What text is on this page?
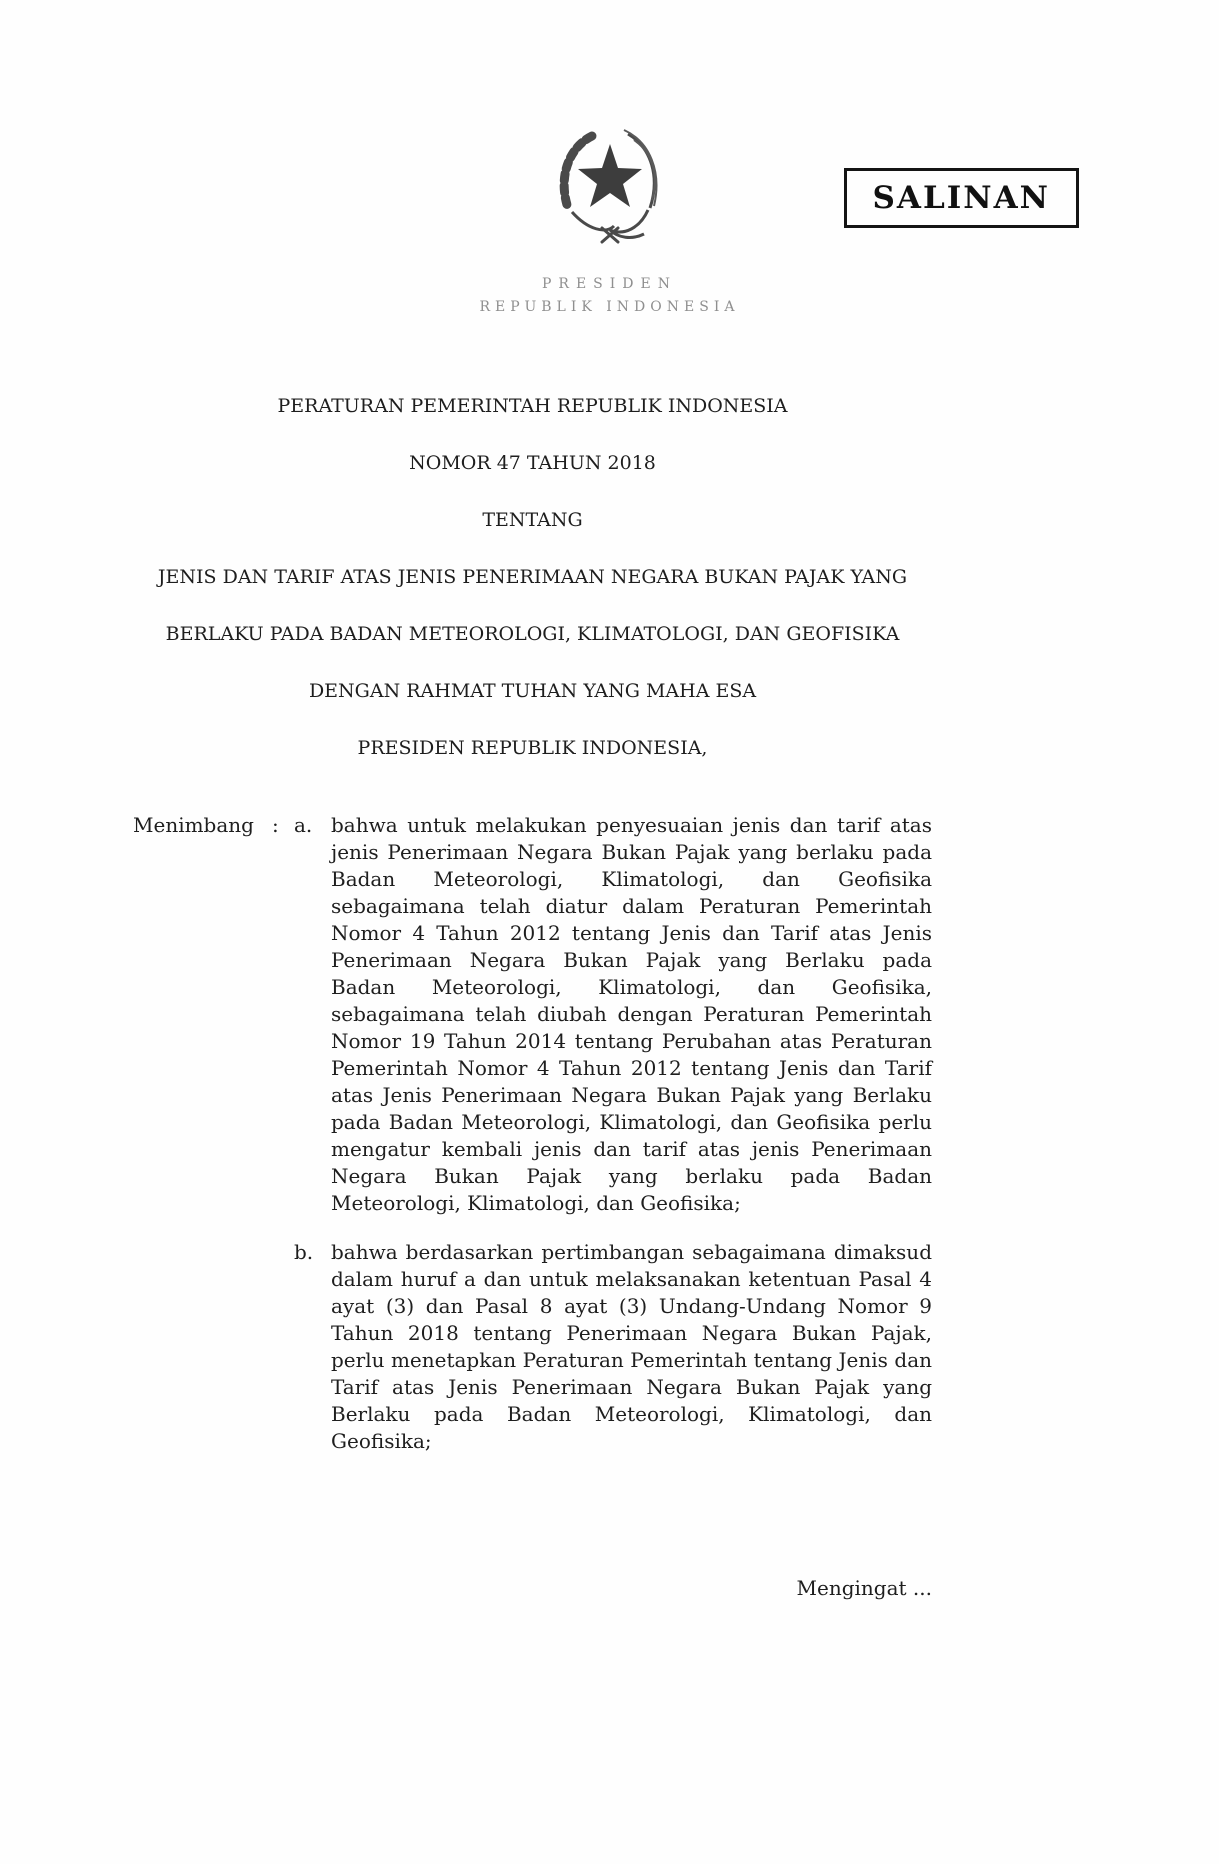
SALINAN
PRESIDEN
REPUBLIK INDONESIA
PERATURAN PEMERINTAH REPUBLIK INDONESIA
NOMOR 47 TAHUN 2018
TENTANG
JENIS DAN TARIF ATAS JENIS PENERIMAAN NEGARA BUKAN PAJAK YANG
BERLAKU PADA BADAN METEOROLOGI, KLIMATOLOGI, DAN GEOFISIKA
DENGAN RAHMAT TUHAN YANG MAHA ESA
PRESIDEN REPUBLIK INDONESIA,
Menimbang : a. bahwa untuk melakukan penyesuaian jenis dan tarif atas jenis Penerimaan Negara Bukan Pajak yang berlaku pada Badan Meteorologi, Klimatologi, dan Geofisika sebagaimana telah diatur dalam Peraturan Pemerintah Nomor 4 Tahun 2012 tentang Jenis dan Tarif atas Jenis Penerimaan Negara Bukan Pajak yang Berlaku pada Badan Meteorologi, Klimatologi, dan Geofisika, sebagaimana telah diubah dengan Peraturan Pemerintah Nomor 19 Tahun 2014 tentang Perubahan atas Peraturan Pemerintah Nomor 4 Tahun 2012 tentang Jenis dan Tarif atas Jenis Penerimaan Negara Bukan Pajak yang Berlaku pada Badan Meteorologi, Klimatologi, dan Geofisika perlu mengatur kembali jenis dan tarif atas jenis Penerimaan Negara Bukan Pajak yang berlaku pada Badan Meteorologi, Klimatologi, dan Geofisika;
b. bahwa berdasarkan pertimbangan sebagaimana dimaksud dalam huruf a dan untuk melaksanakan ketentuan Pasal 4 ayat (3) dan Pasal 8 ayat (3) Undang-Undang Nomor 9 Tahun 2018 tentang Penerimaan Negara Bukan Pajak, perlu menetapkan Peraturan Pemerintah tentang Jenis dan Tarif atas Jenis Penerimaan Negara Bukan Pajak yang Berlaku pada Badan Meteorologi, Klimatologi, dan Geofisika;
Mengingat ...
